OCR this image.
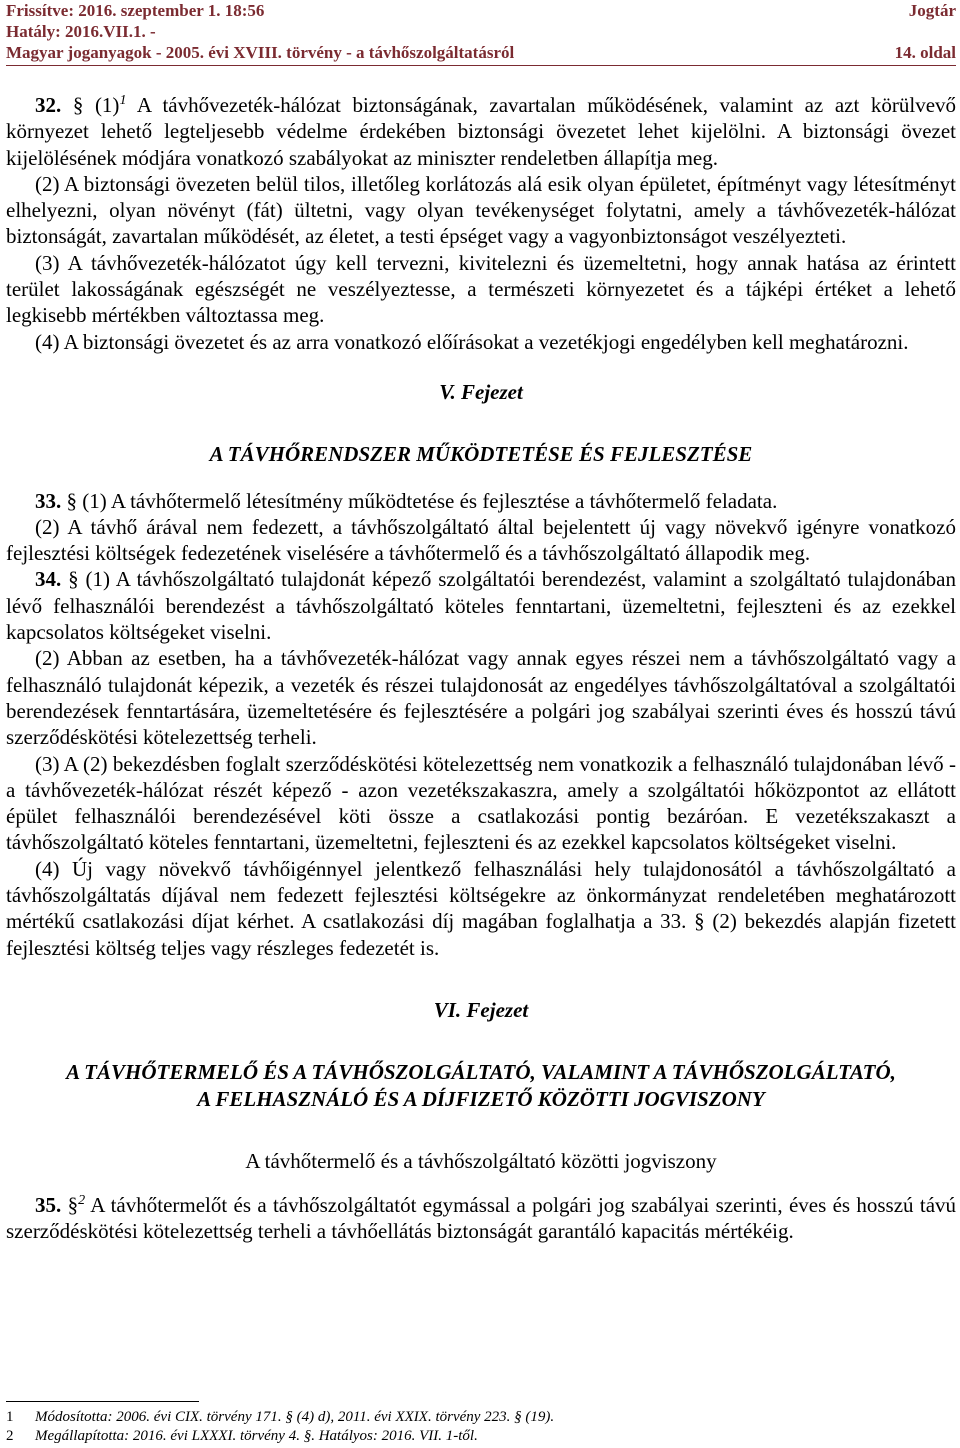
Frissítve: 2016. szeptember 1. 18:56	Jogtár
Hatály: 2016.VII.1. -
Magyar joganyagok - 2005. évi XVIII. törvény - a távhőszolgáltatásról	14. oldal

32. § $(1)^1$ A távhővezeték-hálózat biztonságának, zavartalan működésének, valamint az azt körülvevő környezet lehető legteljesebb védelme érdekében biztonsági övezetet lehet kijelölni. A biztonsági övezet kijelölésének módjára vonatkozó szabályokat az miniszter rendeletben állapítja meg.

(2) A biztonsági övezeten belül tilos, illetőleg korlátozás alá esik olyan épületet, építményt vagy létesítményt elhelyezni, olyan növényt (fát) ültetni, vagy olyan tevékenységet folytatni, amely a távhővezeték-hálózat biztonságát, zavartalan működését, az életet, a testi épséget vagy a vagyonbiztonságot veszélyezteti.

(3) A távhővezeték-hálózatot úgy kell tervezni, kivitelezni és üzemeltetni, hogy annak hatása az érintett terület lakosságának egészségét ne veszélyeztesse, a természeti környezetet és a tájképi értéket a lehető legkisebb mértékben változtassa meg.

(4) A biztonsági övezetet és az arra vonatkozó előírásokat a vezetékjogi engedélyben kell meghatározni.

V. Fejezet

A TÁVHŐRENDSZER MŰKÖDTETÉSE ÉS FEJLESZTÉSE

33. § (1) A távhőtermelő létesítmény működtetése és fejlesztése a távhőtermelő feladata.

(2) A távhő árával nem fedezett, a távhőszolgáltató által bejelentett új vagy növekvő igényre vonatkozó fejlesztési költségek fedezetének viselésére a távhőtermelő és a távhőszolgáltató állapodik meg.

34. § (1) A távhőszolgáltató tulajdonát képező szolgáltatói berendezést, valamint a szolgáltató tulajdonában lévő felhasználói berendezést a távhőszolgáltató köteles fenntartani, üzemeltetni, fejleszteni és az ezekkel kapcsolatos költségeket viselni.

(2) Abban az esetben, ha a távhővezeték-hálózat vagy annak egyes részei nem a távhőszolgáltató vagy a felhasználó tulajdonát képezik, a vezeték és részei tulajdonosát az engedélyes távhőszolgáltatóval a szolgáltatói berendezések fenntartására, üzemeltetésére és fejlesztésére a polgári jog szabályai szerinti éves és hosszú távú szerződéskötési kötelezettség terheli.

(3) A (2) bekezdésben foglalt szerződéskötési kötelezettség nem vonatkozik a felhasználó tulajdonában lévő - a távhővezeték-hálózat részét képező - azon vezetékszakaszra, amely a szolgáltatói hőközpontot az ellátott épület felhasználói berendezésével köti össze a csatlakozási pontig bezáróan. E vezetékszakaszt a távhőszolgáltató köteles fenntartani, üzemeltetni, fejleszteni és az ezekkel kapcsolatos költségeket viselni.

(4) Új vagy növekvő távhőigénnyel jelentkező felhasználási hely tulajdonosától a távhőszolgáltató a távhőszolgáltatás díjával nem fedezett fejlesztési költségekre az önkormányzat rendeletében meghatározott mértékű csatlakozási díjat kérhet. A csatlakozási díj magában foglalhatja a 33. § (2) bekezdés alapján fizetett fejlesztési költség teljes vagy részleges fedezetét is.

VI. Fejezet

A TÁVHŐTERMELŐ ÉS A TÁVHŐSZOLGÁLTATÓ, VALAMINT A TÁVHŐSZOLGÁLTATÓ,

A FELHASZNÁLÓ ÉS A DÍJFIZETŐ KÖZÖTTI JOGVISZONY

A távhőtermelő és a távhőszolgáltató közötti jogviszony

35. §$^2$ A távhőtermelőt és a távhőszolgáltatót egymással a polgári jog szabályai szerinti, éves és hosszú távú szerződéskötési kötelezettség terheli a távhőellátás biztonságát garantáló kapacitás mértékéig.

1	Módosította: 2006. évi CIX. törvény 171. § (4) d), 2011. évi XXIX. törvény 223. § (19).
2	Megállapította: 2016. évi LXXXI. törvény 4. §. Hatályos: 2016. VII. 1-től.
